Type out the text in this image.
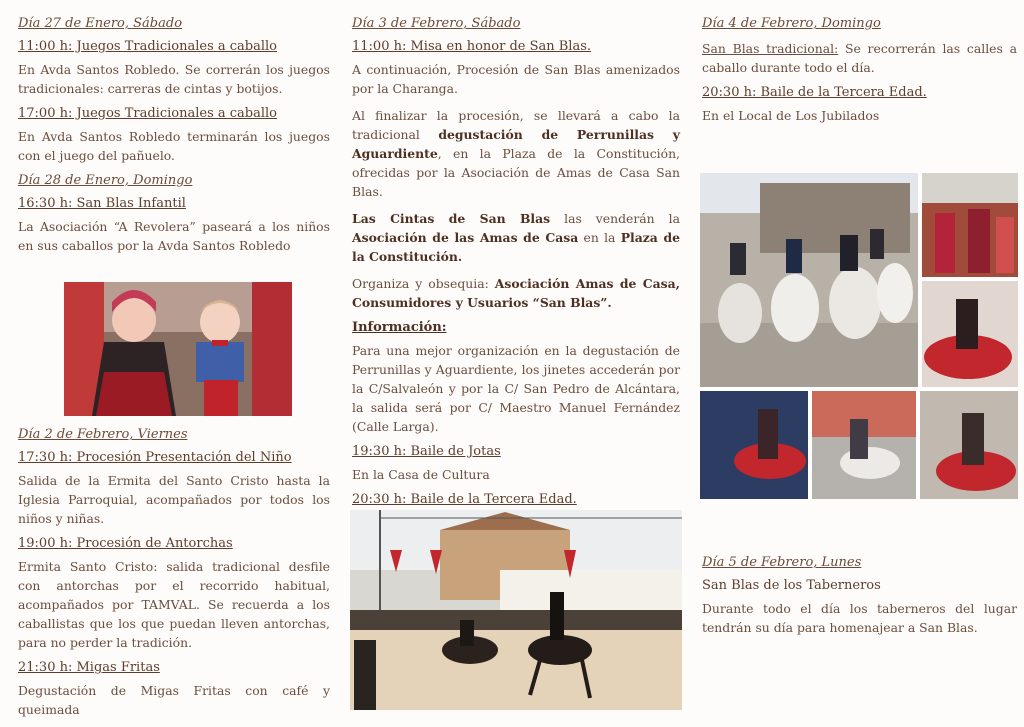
Día 27 de Enero, Sábado
11:00 h: Juegos Tradicionales a caballo
En Avda Santos Robledo. Se correrán los juegos tradicionales: carreras de cintas y botijos.
17:00 h: Juegos Tradicionales a caballo
En Avda Santos Robledo terminarán los juegos con el juego del pañuelo.
Día 28 de Enero, Domingo
16:30 h: San Blas Infantil
La Asociación “A Revolera” paseará a los niños en sus caballos por la Avda Santos Robledo
Día 2 de Febrero, Viernes
17:30 h: Procesión Presentación del Niño
Salida de la Ermita del Santo Cristo hasta la Iglesia Parroquial, acompañados por todos los niños y niñas.
19:00 h: Procesión de Antorchas
Ermita Santo Cristo: salida tradicional desfile con antorchas por el recorrido habitual, acompañados por TAMVAL. Se recuerda a los caballistas que los que puedan lleven antorchas, para no perder la tradición.
21:30 h: Migas Fritas
Degustación de Migas Fritas con café y queimada
Día 3 de Febrero, Sábado
11:00 h: Misa en honor de San Blas.
A continuación, Procesión de San Blas amenizados por la Charanga.
Al finalizar la procesión, se llevará a cabo la tradicional degustación de Perrunillas y Aguardiente, en la Plaza de la Constitución, ofrecidas por la Asociación de Amas de Casa San Blas.
Las Cintas de San Blas las venderán la Asociación de las Amas de Casa en la Plaza de la Constitución.
Organiza y obsequia: Asociación Amas de Casa, Consumidores y Usuarios “San Blas”.
Información:
Para una mejor organización en la degustación de Perrunillas y Aguardiente, los jinetes accederán por la C/Salvaleón y por la C/ San Pedro de Alcántara, la salida será por C/ Maestro Manuel Fernández (Calle Larga).
19:30 h: Baile de Jotas
En la Casa de Cultura
20:30 h: Baile de la Tercera Edad.
Día 4 de Febrero, Domingo
San Blas tradicional: Se recorrerán las calles a caballo durante todo el día.
20:30 h: Baile de la Tercera Edad.
En el Local de Los Jubilados
Día 5 de Febrero, Lunes
San Blas de los Taberneros
Durante todo el día los taberneros del lugar tendrán su día para homenajear a San Blas.
